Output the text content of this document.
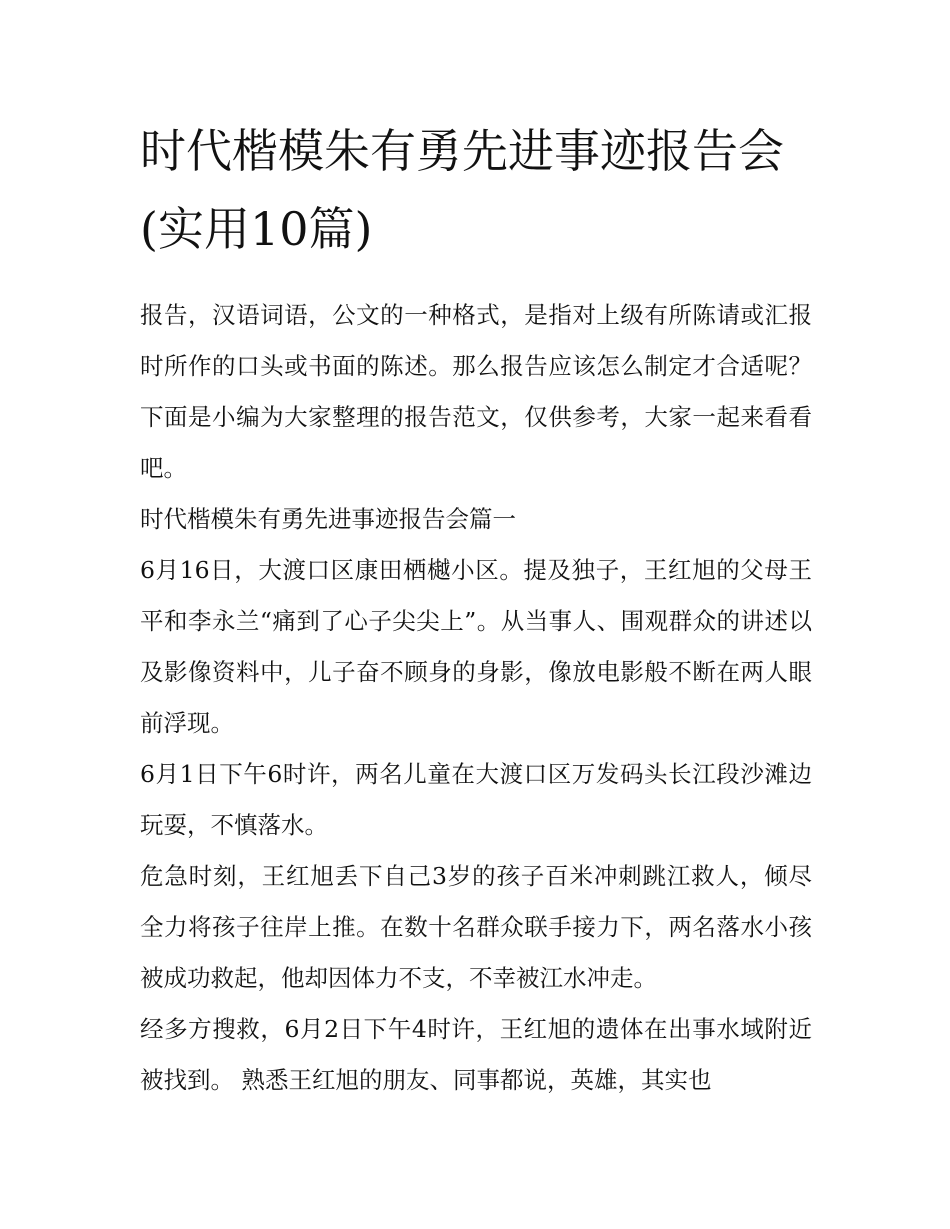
时代楷模朱有勇先进事迹报告会(实用10篇)

报告，汉语词语，公文的一种格式，是指对上级有所陈请或汇报时所作的口头或书面的陈述。那么报告应该怎么制定才合适呢？下面是小编为大家整理的报告范文，仅供参考，大家一起来看看吧。

时代楷模朱有勇先进事迹报告会篇一

6月16日，大渡口区康田栖樾小区。提及独子，王红旭的父母王平和李永兰“痛到了心子尖尖上”。从当事人、围观群众的讲述以及影像资料中，儿子奋不顾身的身影，像放电影般不断在两人眼前浮现。

6月1日下午6时许，两名儿童在大渡口区万发码头长江段沙滩边玩耍，不慎落水。

危急时刻，王红旭丢下自己3岁的孩子百米冲刺跳江救人，倾尽全力将孩子往岸上推。在数十名群众联手接力下，两名落水小孩被成功救起，他却因体力不支，不幸被江水冲走。

经多方搜救，6月2日下午4时许，王红旭的遗体在出事水域附近被找到。 熟悉王红旭的朋友、同事都说，英雄，其实也
